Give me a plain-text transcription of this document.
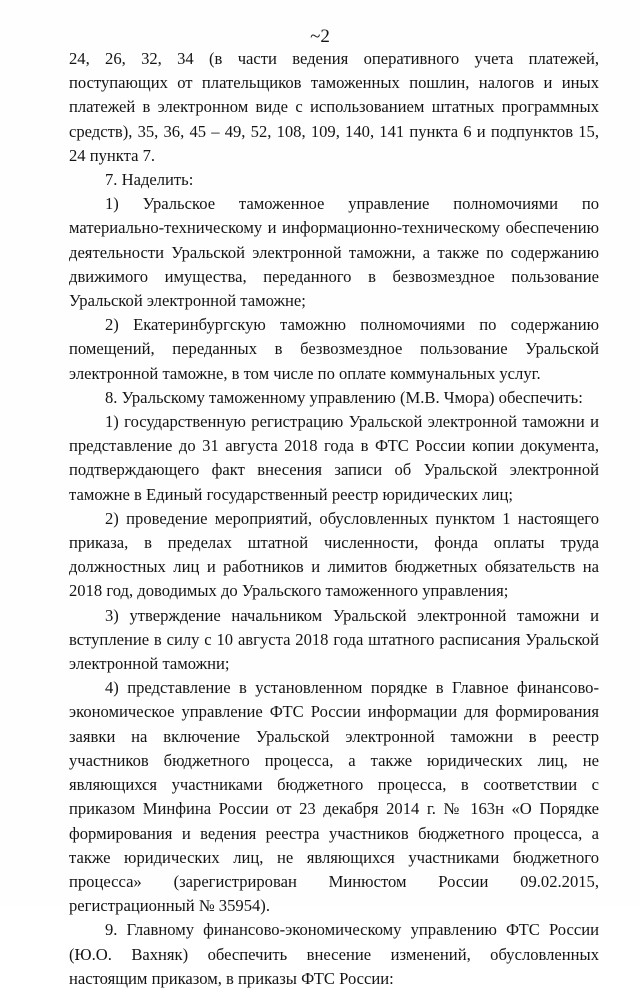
~2

24, 26, 32, 34 (в части ведения оперативного учета платежей, поступающих от плательщиков таможенных пошлин, налогов и иных платежей в электронном виде с использованием штатных программных средств), 35, 36, 45 – 49, 52, 108, 109, 140, 141 пункта 6 и подпунктов 15, 24 пункта 7.

7. Наделить:

1) Уральское таможенное управление полномочиями по материально-техническому и информационно-техническому обеспечению деятельности Уральской электронной таможни, а также по содержанию движимого имущества, переданного в безвозмездное пользование Уральской электронной таможне;

2) Екатеринбургскую таможню полномочиями по содержанию помещений, переданных в безвозмездное пользование Уральской электронной таможне, в том числе по оплате коммунальных услуг.

8. Уральскому таможенному управлению (М.В. Чмора) обеспечить:

1) государственную регистрацию Уральской электронной таможни и представление до 31 августа 2018 года в ФТС России копии документа, подтверждающего факт внесения записи об Уральской электронной таможне в Единый государственный реестр юридических лиц;

2) проведение мероприятий, обусловленных пунктом 1 настоящего приказа, в пределах штатной численности, фонда оплаты труда должностных лиц и работников и лимитов бюджетных обязательств на 2018 год, доводимых до Уральского таможенного управления;

3) утверждение начальником Уральской электронной таможни и вступление в силу с 10 августа 2018 года штатного расписания Уральской электронной таможни;

4) представление в установленном порядке в Главное финансово-экономическое управление ФТС России информации для формирования заявки на включение Уральской электронной таможни в реестр участников бюджетного процесса, а также юридических лиц, не являющихся участниками бюджетного процесса, в соответствии с приказом Минфина России от 23 декабря 2014 г. № 163н «О Порядке формирования и ведения реестра участников бюджетного процесса, а также юридических лиц, не являющихся участниками бюджетного процесса» (зарегистрирован Минюстом России 09.02.2015, регистрационный № 35954).

9. Главному финансово-экономическому управлению ФТС России (Ю.О. Вахняк) обеспечить внесение изменений, обусловленных настоящим приказом, в приказы ФТС России:
